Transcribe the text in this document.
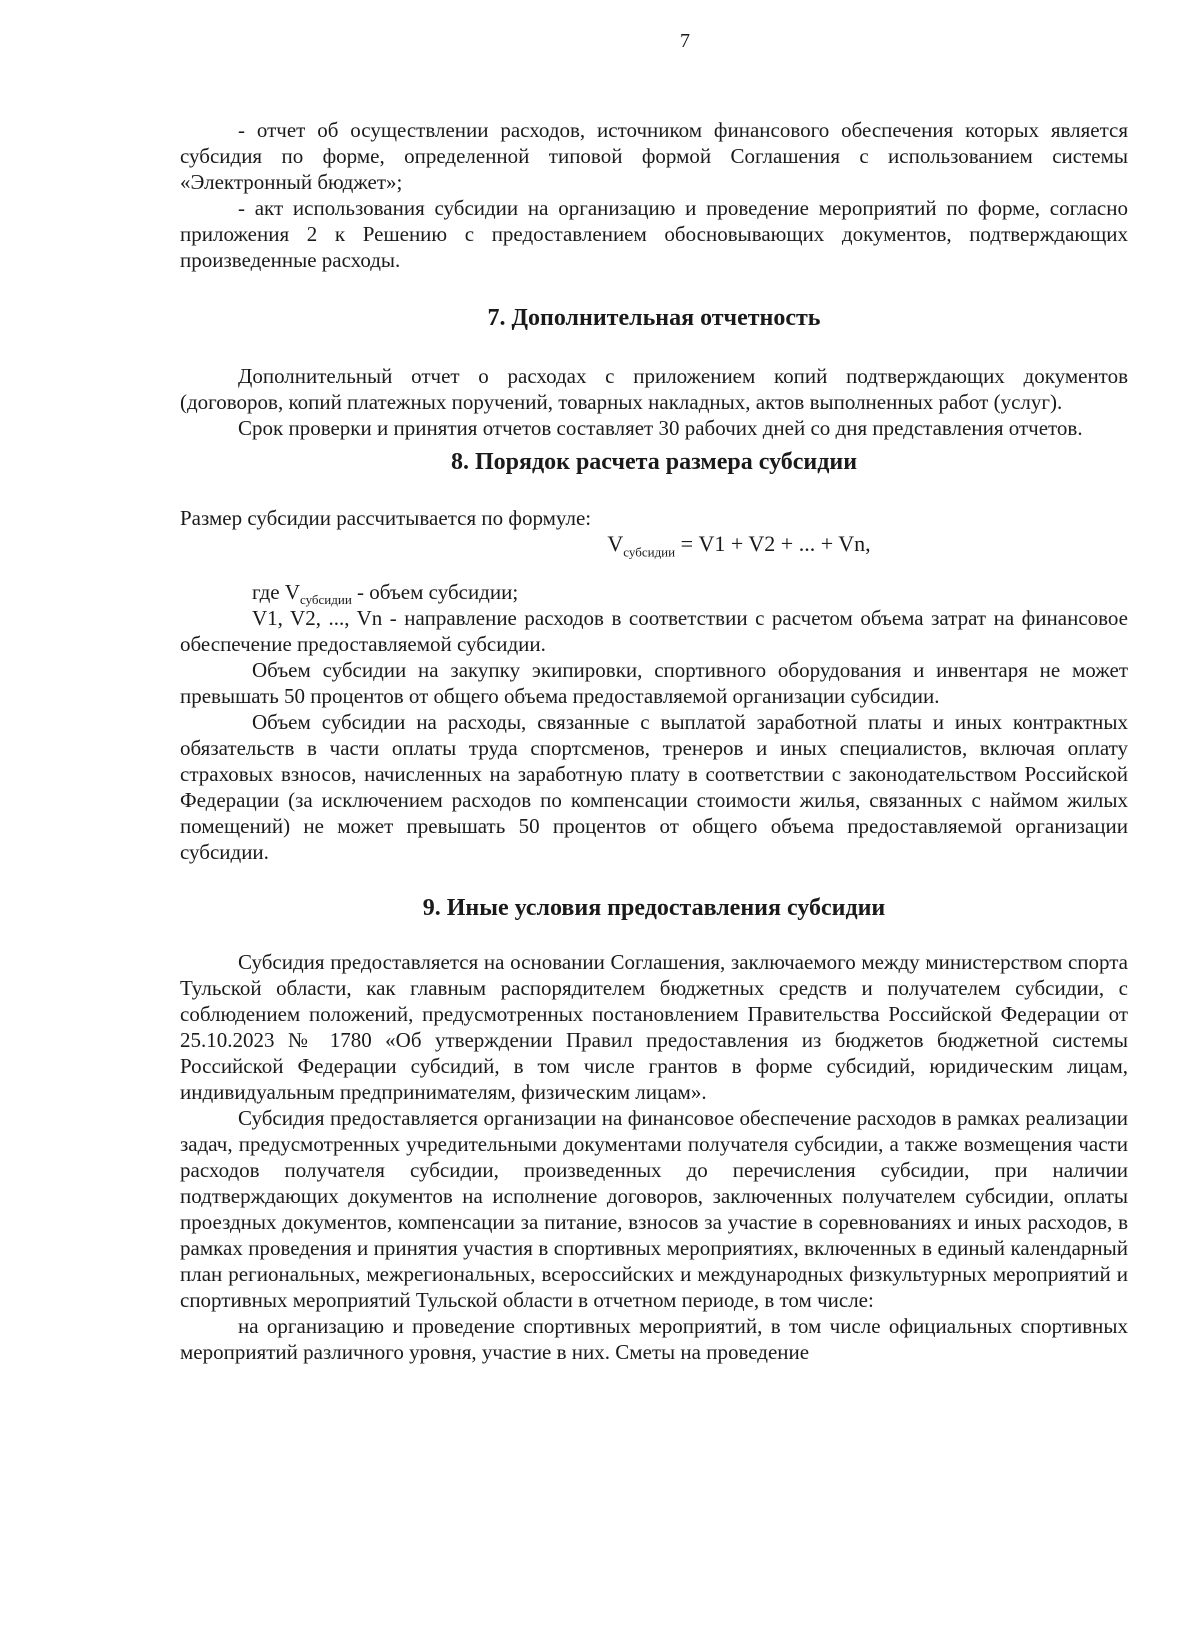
7

- отчет об осуществлении расходов, источником финансового обеспечения которых является субсидия по форме, определенной типовой формой Соглашения с использованием системы «Электронный бюджет»;

- акт использования субсидии на организацию и проведение мероприятий по форме, согласно приложения 2 к Решению с предоставлением обосновывающих документов, подтверждающих произведенные расходы.

7. Дополнительная отчетность

Дополнительный отчет о расходах с приложением копий подтверждающих документов (договоров, копий платежных поручений, товарных накладных, актов выполненных работ (услуг).

Срок проверки и принятия отчетов составляет 30 рабочих дней со дня представления отчетов.

8. Порядок расчета размера субсидии

Размер субсидии рассчитывается по формуле:

$V_{субсидии} = V1 + V2$ + ... + Vn,

где $V_{субсидии}$ - объем субсидии;

V1, V2, ..., Vn - направление расходов в соответствии с расчетом объема затрат на финансовое обеспечение предоставляемой субсидии.

Объем субсидии на закупку экипировки, спортивного оборудования и инвентаря не может превышать 50 процентов от общего объема предоставляемой организации субсидии.

Объем субсидии на расходы, связанные с выплатой заработной платы и иных контрактных обязательств в части оплаты труда спортсменов, тренеров и иных специалистов, включая оплату страховых взносов, начисленных на заработную плату в соответствии с законодательством Российской Федерации (за исключением расходов по компенсации стоимости жилья, связанных с наймом жилых помещений) не может превышать 50 процентов от общего объема предоставляемой организации субсидии.

9. Иные условия предоставления субсидии

Субсидия предоставляется на основании Соглашения, заключаемого между министерством спорта Тульской области, как главным распорядителем бюджетных средств и получателем субсидии, с соблюдением положений, предусмотренных постановлением Правительства Российской Федерации от 25.10.2023 № 1780 «Об утверждении Правил предоставления из бюджетов бюджетной системы Российской Федерации субсидий, в том числе грантов в форме субсидий, юридическим лицам, индивидуальным предпринимателям, физическим лицам».

Субсидия предоставляется организации на финансовое обеспечение расходов в рамках реализации задач, предусмотренных учредительными документами получателя субсидии, а также возмещения части расходов получателя субсидии, произведенных до перечисления субсидии, при наличии подтверждающих документов на исполнение договоров, заключенных получателем субсидии, оплаты проездных документов, компенсации за питание, взносов за участие в соревнованиях и иных расходов, в рамках проведения и принятия участия в спортивных мероприятиях, включенных в единый календарный план региональных, межрегиональных, всероссийских и международных физкультурных мероприятий и спортивных мероприятий Тульской области в отчетном периоде, в том числе:

на организацию и проведение спортивных мероприятий, в том числе официальных спортивных мероприятий различного уровня, участие в них. Сметы на проведение
